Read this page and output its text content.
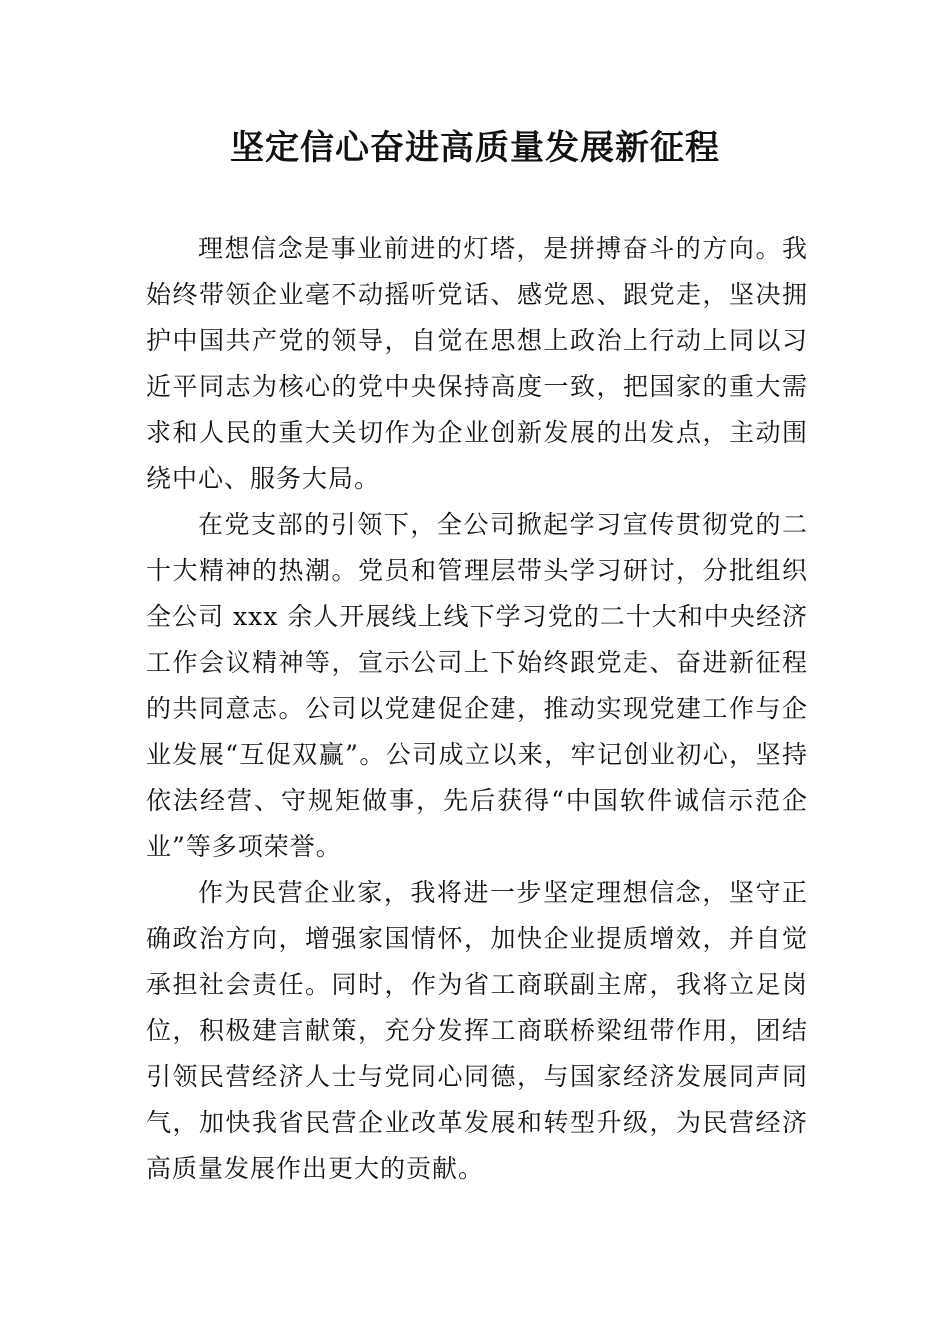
坚定信心奋进高质量发展新征程

理想信念是事业前进的灯塔，是拼搏奋斗的方向。我始终带领企业毫不动摇听党话、感党恩、跟党走，坚决拥护中国共产党的领导，自觉在思想上政治上行动上同以习近平同志为核心的党中央保持高度一致，把国家的重大需求和人民的重大关切作为企业创新发展的出发点，主动围绕中心、服务大局。

在党支部的引领下，全公司掀起学习宣传贯彻党的二十大精神的热潮。党员和管理层带头学习研讨，分批组织全公司 xxx 余人开展线上线下学习党的二十大和中央经济工作会议精神等，宣示公司上下始终跟党走、奋进新征程的共同意志。公司以党建促企建，推动实现党建工作与企业发展“互促双赢”。公司成立以来，牢记创业初心，坚持依法经营、守规矩做事，先后获得“中国软件诚信示范企业”等多项荣誉。

作为民营企业家，我将进一步坚定理想信念，坚守正确政治方向，增强家国情怀，加快企业提质增效，并自觉承担社会责任。同时，作为省工商联副主席，我将立足岗位，积极建言献策，充分发挥工商联桥梁纽带作用，团结引领民营经济人士与党同心同德，与国家经济发展同声同气，加快我省民营企业改革发展和转型升级，为民营经济高质量发展作出更大的贡献。
